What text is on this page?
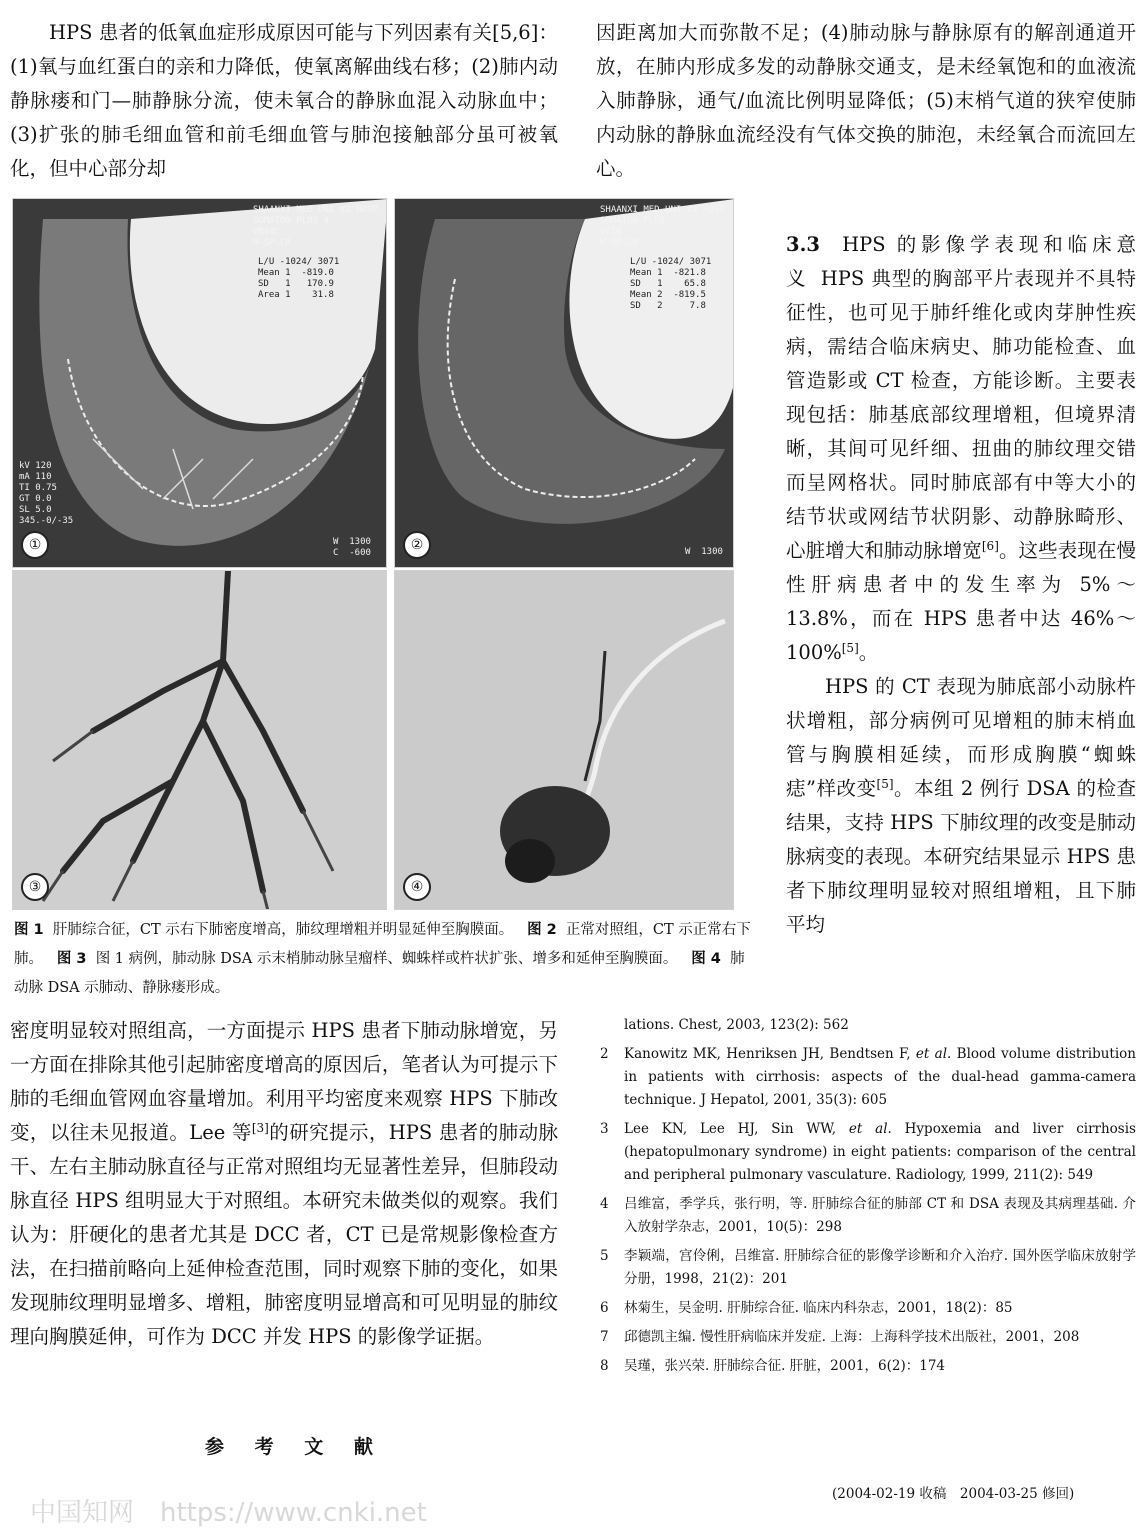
HPS 患者的低氧血症形成原因可能与下列因素有关[5,6]：(1)氧与血红蛋白的亲和力降低，使氧离解曲线右移；(2)肺内动静脉瘘和门—肺静脉分流，使未氧合的静脉血混入动脉血中；(3)扩张的肺毛细血管和前毛细血管与肺泡接触部分虽可被氧化，但中心部分却

因距离加大而弥散不足；(4)肺动脉与静脉原有的解剖通道开放，在肺内形成多发的动静脉交通支，是未经氧饱和的血液流入肺静脉，通气/血流比例明显降低；(5)末梢气道的狭窄使肺内动脉的静脉血流经没有气体交换的肺泡，未经氧合而流回左心。

SHAANXI MED UNI #2 HOSP
SOMATOM PLUS 4
VB40C
H-SP-CR
L/U -1024/ 3071
Mean 1  -819.0
SD   1   170.9
Area 1    31.8
kV 120
mA 110
TI 0.75
GT 0.0
SL 5.0
345.-0/-35
W  1300
C  -600
①
SHAANXI MED UNI #2 HOSP
SOMATON PLUS
VC10
H-SP-CR
L/U -1024/ 3071
Mean 1  -821.8
SD   1    65.8
Mean 2  -819.5
SD   2     7.8
W  1300
②
③	④
图 1 肝肺综合征，CT 示右下肺密度增高，肺纹理增粗并明显延伸至胸膜面。 图 2 正常对照组，CT 示正常右下肺。 图 3 图 1 病例，肺动脉 DSA 示末梢肺动脉呈瘤样、蜘蛛样或杵状扩张、增多和延伸至胸膜面。 图 4 肺动脉 DSA 示肺动、静脉瘘形成。
3.3 HPS 的影像学表现和临床意义 HPS 典型的胸部平片表现并不具特征性，也可见于肺纤维化或肉芽肿性疾病，需结合临床病史、肺功能检查、血管造影或 CT 检查，方能诊断。主要表现包括：肺基底部纹理增粗，但境界清晰，其间可见纤细、扭曲的肺纹理交错而呈网格状。同时肺底部有中等大小的结节状或网结节状阴影、动静脉畸形、心脏增大和肺动脉增宽[6]。这些表现在慢性肝病患者中的发生率为 5%～13.8%，而在 HPS 患者中达 46%～100%[5]。
HPS 的 CT 表现为肺底部小动脉杵状增粗，部分病例可见增粗的肺末梢血管与胸膜相延续，而形成胸膜“蜘蛛痣”样改变[5]。本组 2 例行 DSA 的检查结果，支持 HPS 下肺纹理的改变是肺动脉病变的表现。本研究结果显示 HPS 患者下肺纹理明显较对照组增粗，且下肺平均

密度明显较对照组高，一方面提示 HPS 患者下肺动脉增宽，另一方面在排除其他引起肺密度增高的原因后，笔者认为可提示下肺的毛细血管网血容量增加。利用平均密度来观察 HPS 下肺改变，以往未见报道。Lee 等[3]的研究提示，HPS 患者的肺动脉干、左右主肺动脉直径与正常对照组均无显著性差异，但肺段动脉直径 HPS 组明显大于对照组。本研究未做类似的观察。我们认为：肝硬化的患者尤其是 DCC 者，CT 已是常规影像检查方法，在扫描前略向上延伸检查范围，同时观察下肺的变化，如果发现肺纹理明显增多、增粗，肺密度明显增高和可见明显的肺纹理向胸膜延伸，可作为 DCC 并发 HPS 的影像学证据。

参 考 文 献
lations. Chest, 2003, 123(2): 562
2 Kanowitz MK, Henriksen JH, Bendtsen F, et al. Blood volume distribution in patients with cirrhosis: aspects of the dual-head gamma-camera technique. J Hepatol, 2001, 35(3): 605
3 Lee KN, Lee HJ, Sin WW, et al. Hypoxemia and liver cirrhosis (hepatopulmonary syndrome) in eight patients: comparison of the central and peripheral pulmonary vasculature. Radiology, 1999, 211(2): 549
4 吕维富，季学兵，张行明，等. 肝肺综合征的肺部 CT 和 DSA 表现及其病理基础. 介入放射学杂志，2001，10(5)：298
5 李颖端，宫伶俐，吕维富. 肝肺综合征的影像学诊断和介入治疗. 国外医学临床放射学分册，1998，21(2)：201
6 林菊生，吴金明. 肝肺综合征. 临床内科杂志，2001，18(2)：85
7 邱德凯主编. 慢性肝病临床并发症. 上海：上海科学技术出版社，2001，208
8 吴瑾，张兴荣. 肝肺综合征. 肝脏，2001，6(2)：174
(2004-02-19 收稿　2004-03-25 修回)
中国知网　https://www.cnki.net
